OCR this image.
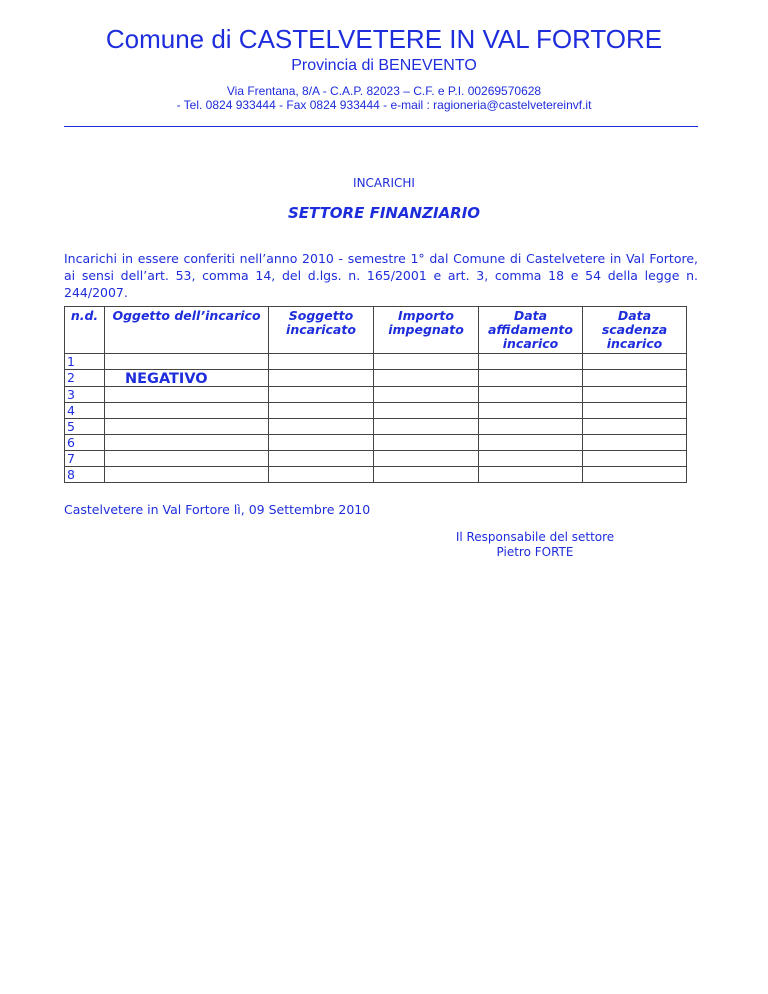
Comune di CASTELVETERE IN VAL FORTORE
Provincia di BENEVENTO
Via Frentana, 8/A - C.A.P. 82023 – C.F. e P.I. 00269570628
- Tel. 0824 933444 - Fax 0824 933444 - e-mail : ragioneria@castelvetereinvf.it
INCARICHI
SETTORE FINANZIARIO
Incarichi in essere conferiti nell’anno 2010 - semestre 1° dal Comune di Castelvetere in Val Fortore, ai sensi dell’art. 53, comma 14, del d.lgs. n. 165/2001 e art. 3, comma 18 e 54 della legge n. 244/2007.
n.d.	Oggetto dell’incarico	Soggetto incaricato	Importo impegnato	Data affidamento incarico	Data scadenza incarico
1					
2	NEGATIVO				
3					
4					
5					
6					
7					
8					
Castelvetere in Val Fortore lì, 09 Settembre 2010
Il Responsabile del settore
Pietro FORTE
